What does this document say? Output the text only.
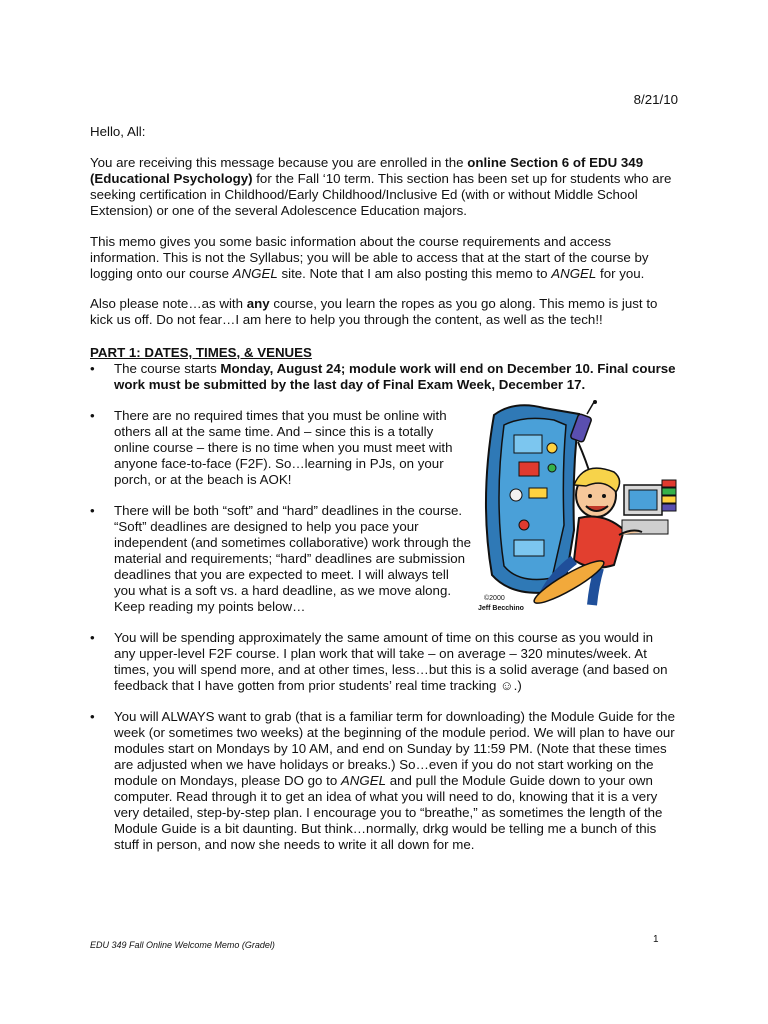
8/21/10

Hello, All:

You are receiving this message because you are enrolled in the online Section 6 of EDU 349 (Educational Psychology) for the Fall ‘10 term. This section has been set up for students who are seeking certification in Childhood/Early Childhood/Inclusive Ed (with or without Middle School Extension) or one of the several Adolescence Education majors.

This memo gives you some basic information about the course requirements and access information. This is not the Syllabus; you will be able to access that at the start of the course by logging onto our course ANGEL site. Note that I am also posting this memo to ANGEL for you.

Also please note…as with any course, you learn the ropes as you go along. This memo is just to kick us off. Do not fear…I am here to help you through the content, as well as the tech!!

PART 1: DATES, TIMES, & VENUES

• The course starts Monday, August 24; module work will end on December 10. Final course work must be submitted by the last day of Final Exam Week, December 17.

• There are no required times that you must be online with others all at the same time. And – since this is a totally online course – there is no time when you must meet with anyone face-to-face (F2F). So…learning in PJs, on your porch, or at the beach is AOK!

• There will be both “soft” and “hard” deadlines in the course. “Soft” deadlines are designed to help you pace your independent (and sometimes collaborative) work through the material and requirements; “hard” deadlines are submission deadlines that you are expected to meet. I will always tell you what is a soft vs. a hard deadline, as we move along. Keep reading my points below…

• You will be spending approximately the same amount of time on this course as you would in any upper-level F2F course. I plan work that will take – on average – 320 minutes/week. At times, you will spend more, and at other times, less…but this is a solid average (and based on feedback that I have gotten from prior students’ real time tracking ☺.)

• You will ALWAYS want to grab (that is a familiar term for downloading) the Module Guide for the week (or sometimes two weeks) at the beginning of the module period. We will plan to have our modules start on Mondays by 10 AM, and end on Sunday by 11:59 PM. (Note that these times are adjusted when we have holidays or breaks.) So…even if you do not start working on the module on Mondays, please DO go to ANGEL and pull the Module Guide down to your own computer. Read through it to get an idea of what you will need to do, knowing that it is a very very detailed, step-by-step plan. I encourage you to “breathe,” as sometimes the length of the Module Guide is a bit daunting. But think…normally, drkg would be telling me a bunch of this stuff in person, and now she needs to write it all down for me.

©2000
Jeff Becchino
EDU 349 Fall Online Welcome Memo (Gradel)	1
